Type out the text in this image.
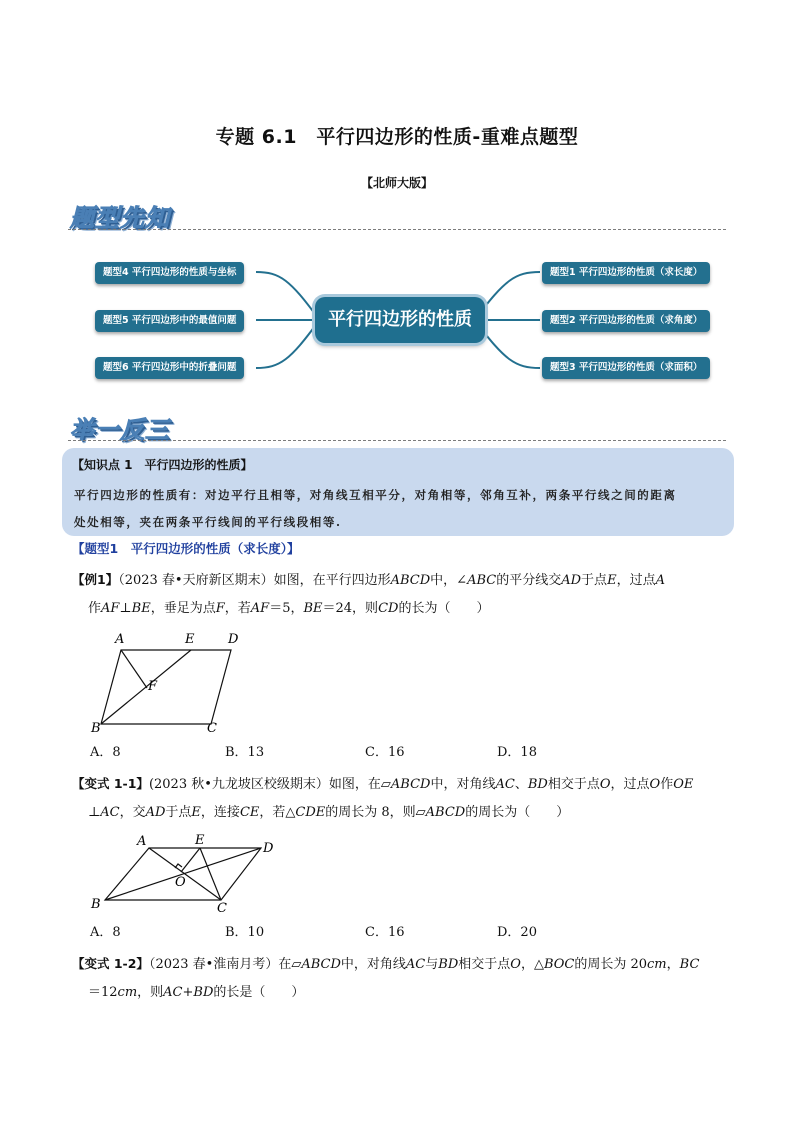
专题 6.1　平行四边形的性质-重难点题型
【北师大版】
题型先知
平行四边形的性质
题型4 平行四边形的性质与坐标
题型5 平行四边形中的最值问题
题型6 平行四边形中的折叠问题
题型1 平行四边形的性质（求长度）
题型2 平行四边形的性质（求角度）
题型3 平行四边形的性质（求面积）
举一反三
【知识点 1　平行四边形的性质】
平行四边形的性质有：对边平行且相等，对角线互相平分，对角相等，邻角互补，两条平行线之间的距离
处处相等，夹在两条平行线间的平行线段相等.
【题型1　平行四边形的性质（求长度）】
【例1】（2023 春•天府新区期末）如图，在平行四边形ABCD中，∠ABC的平分线交AD于点E，过点A
作AF⊥BE，垂足为点F，若AF＝5，BE＝24，则CD的长为（　　）
A	E	D
F
B	C
A．8	B．13	C．16	D．18
【变式 1-1】(2023 秋•九龙坡区校级期末）如图，在▱ABCD中，对角线AC、BD相交于点O，过点O作OE
⊥AC，交AD于点E，连接CE，若△CDE的周长为 8，则▱ABCD的周长为（　　）
A	E
D
O
B	C
A．8	B．10	C．16	D．20
【变式 1-2】（2023 春•淮南月考）在▱ABCD中，对角线AC与BD相交于点O，△BOC的周长为 20cm，BC
＝12cm，则AC+BD的长是（　　）
